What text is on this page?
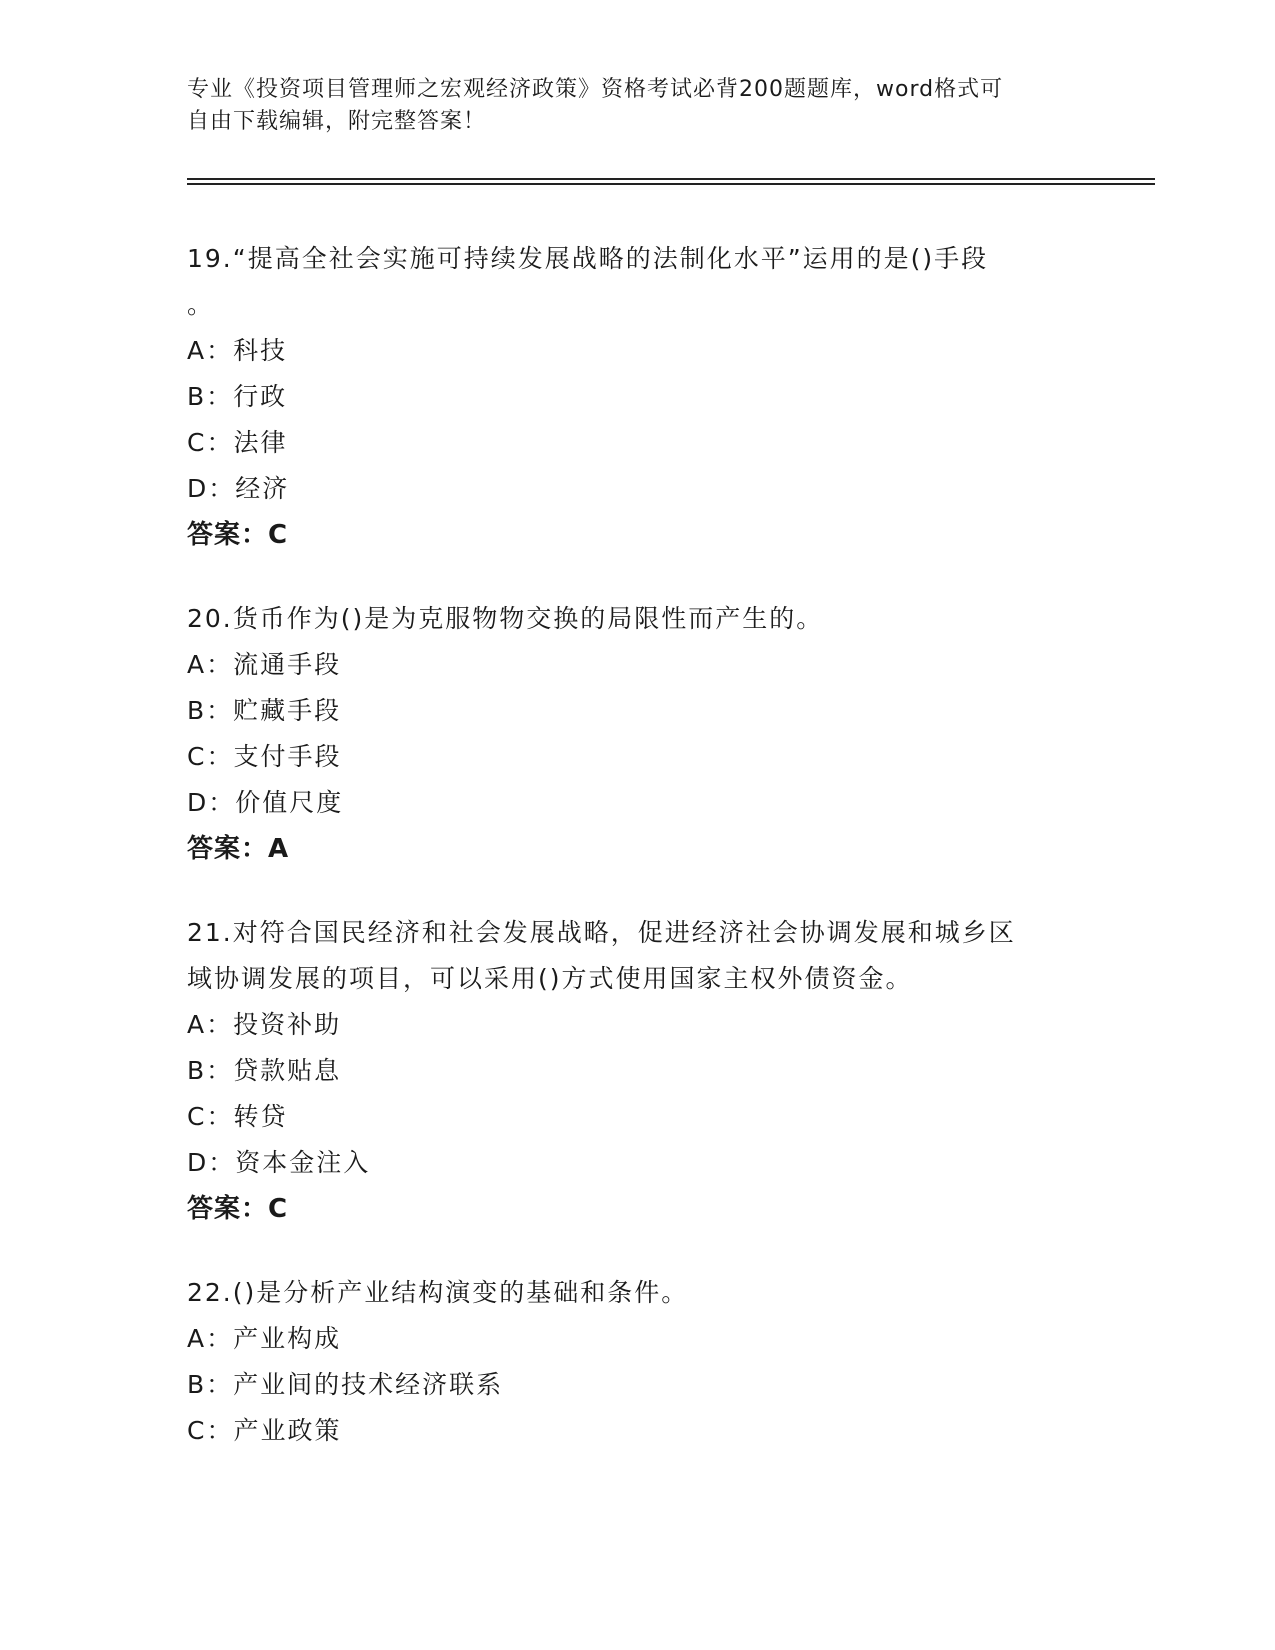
专业《投资项目管理师之宏观经济政策》资格考试必背200题题库，word格式可
自由下载编辑，附完整答案！
19.“提高全社会实施可持续发展战略的法制化水平”运用的是()手段
。
A：科技
B：行政
C：法律
D：经济
答案：C
20.货币作为()是为克服物物交换的局限性而产生的。
A：流通手段
B：贮藏手段
C：支付手段
D：价值尺度
答案：A
21.对符合国民经济和社会发展战略，促进经济社会协调发展和城乡区
域协调发展的项目，可以采用()方式使用国家主权外债资金。
A：投资补助
B：贷款贴息
C：转贷
D：资本金注入
答案：C
22.()是分析产业结构演变的基础和条件。
A：产业构成
B：产业间的技术经济联系
C：产业政策
